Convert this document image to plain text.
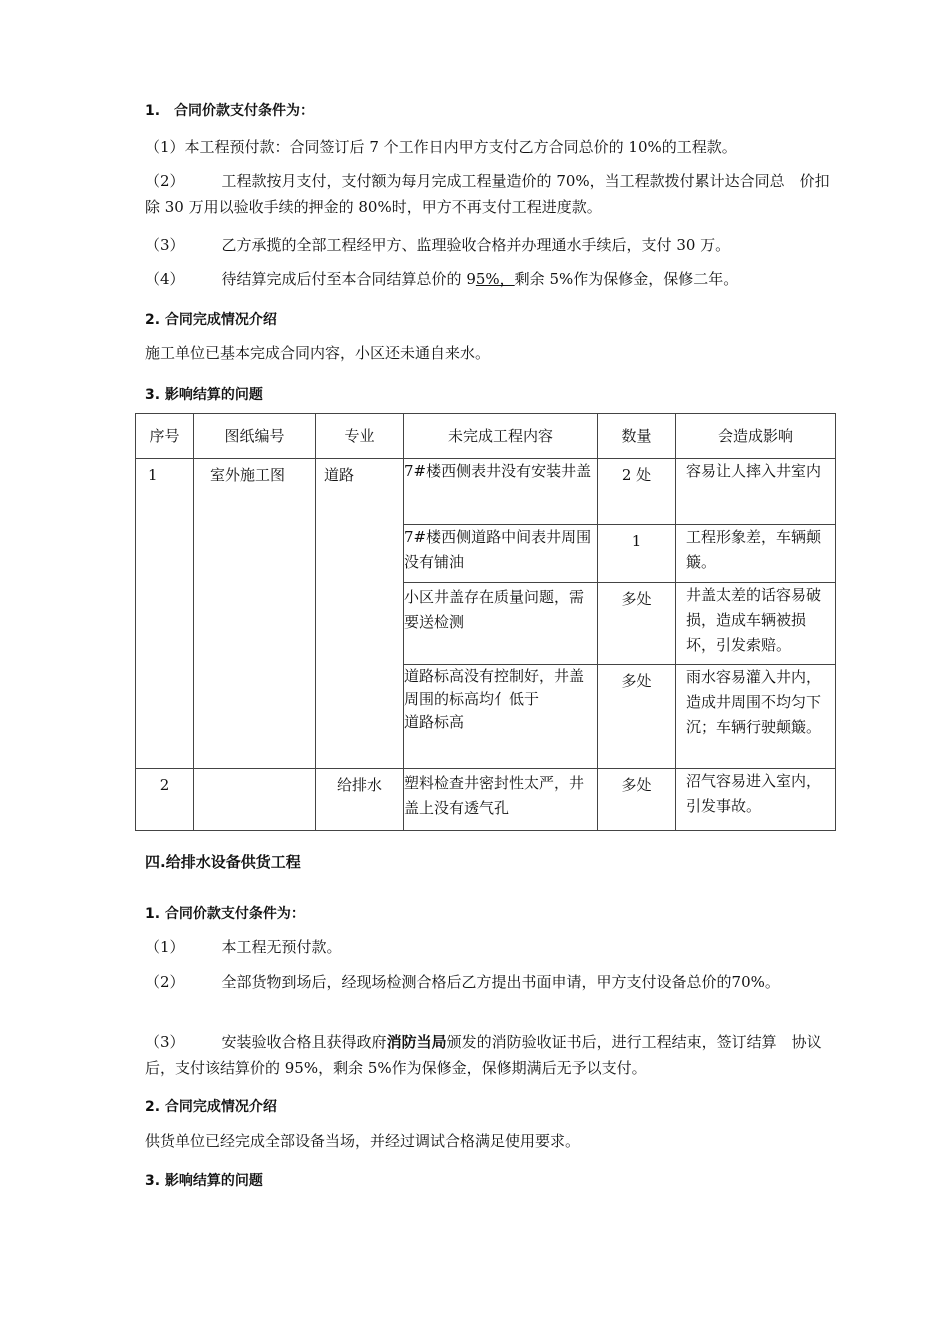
1.　合同价款支付条件为：
（1）本工程预付款：合同签订后 7 个工作日内甲方支付乙方合同总价的 10%的工程款。
（2） 工程款按月支付，支付额为每月完成工程量造价的 70%，当工程款拨付累计达合同总　价扣除 30 万用以验收手续的押金的 80%时，甲方不再支付工程进度款。
（3） 乙方承揽的全部工程经甲方、监理验收合格并办理通水手续后，支付 30 万。
（4） 待结算完成后付至本合同结算总价的 95%，剩余 5%作为保修金，保修二年。
2. 合同完成情况介绍
施工单位已基本完成合同内容，小区还未通自来水。
3. 影响结算的问题
序号	图纸编号	专业	未完成工程内容	数量	会造成影响
1	室外施工图	道路	7#楼西侧表井没有安装井盖	2 处	容易让人摔入井室内
			7#楼西侧道路中间表井周围没有铺油	1	工程形象差，车辆颠簸。
			小区井盖存在质量问题，需要送检测	多处	井盖太差的话容易破损，造成车辆被损坏，引发索赔。

			道路标高没有控制好，井盖周围的标高均亻低于
道路标高	多处	雨水容易灌入井内，造成井周围不均匀下沉；车辆行驶颠簸。
2		给排水	塑料检查井密封性太严，井盖上没有透气孔	多处	沼气容易进入室内，引发事故。
四.给排水设备供货工程
1. 合同价款支付条件为：
（1） 本工程无预付款。
（2） 全部货物到场后，经现场检测合格后乙方提出书面申请，甲方支付设备总价的70%。
（3） 安装验收合格且获得政府消防当局颁发的消防验收证书后，进行工程结束，签订结算　协议后，支付该结算价的 95%，剩余 5%作为保修金，保修期满后无予以支付。
2. 合同完成情况介绍
供货单位已经完成全部设备当场，并经过调试合格满足使用要求。
3. 影响结算的问题
